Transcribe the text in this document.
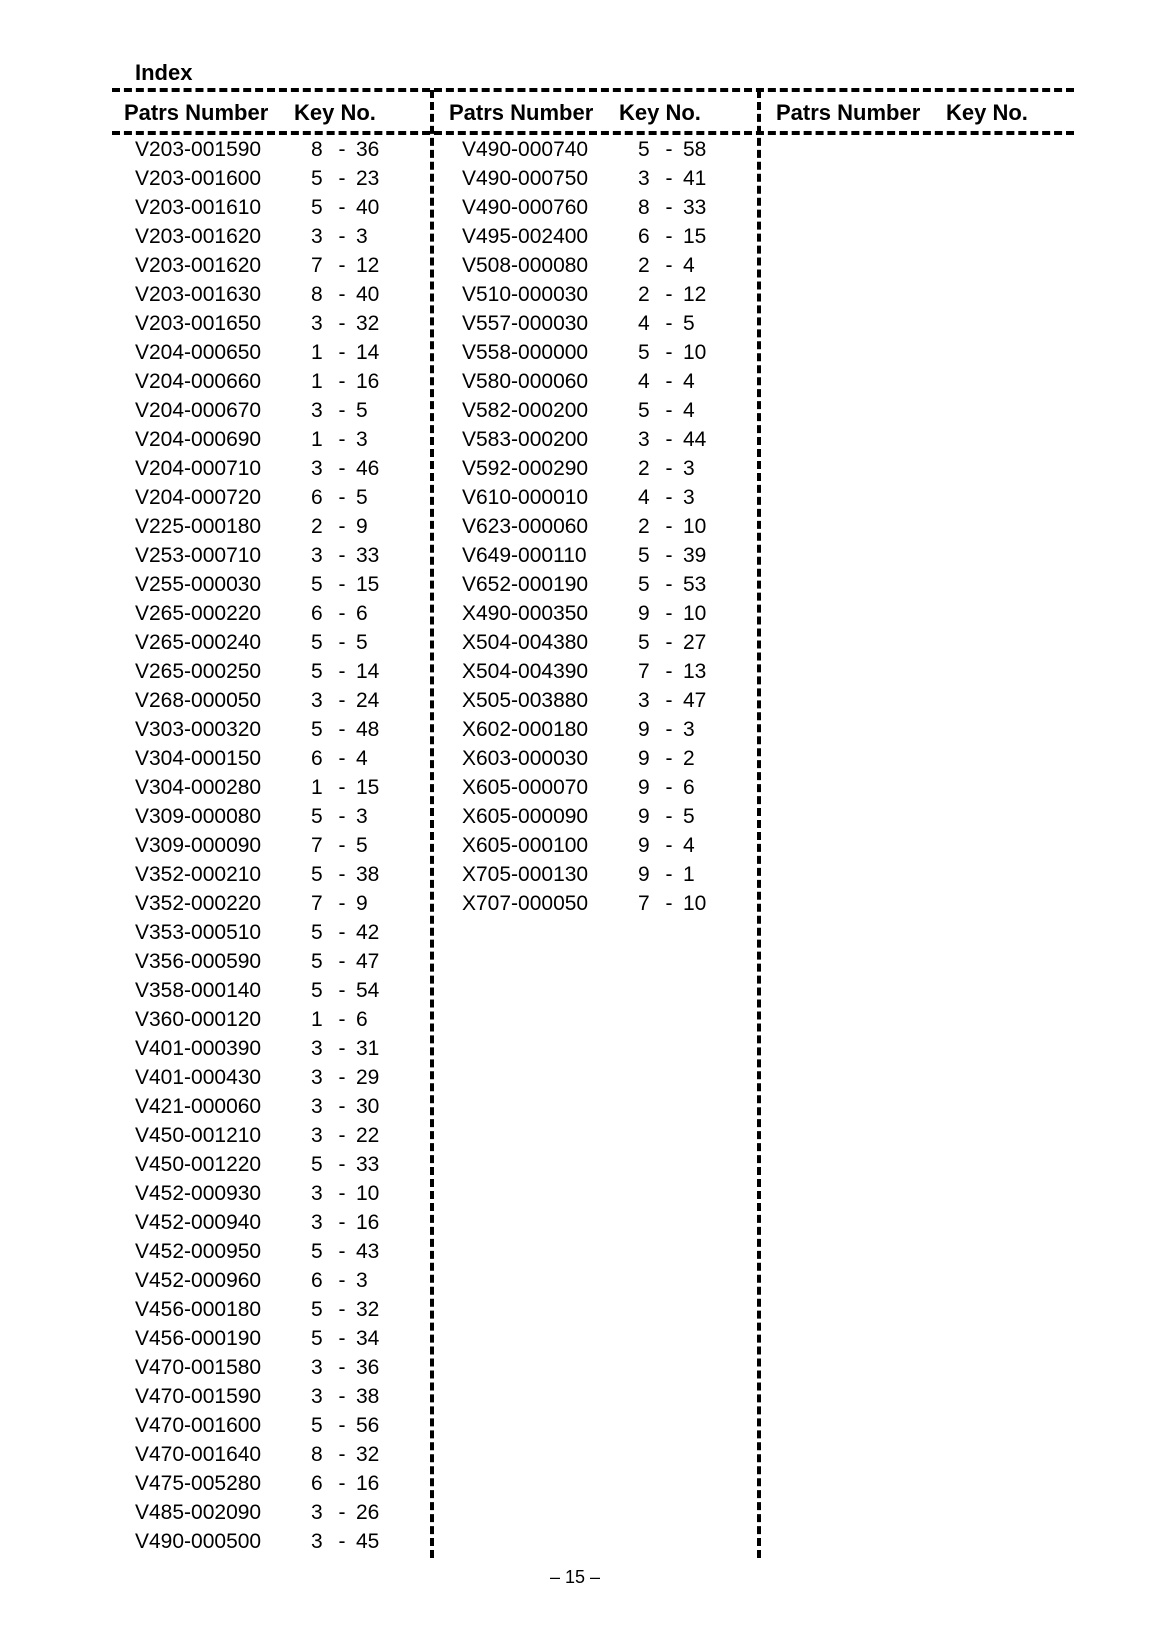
Index
Patrs Number Key No.	Patrs Number Key No.	Patrs Number Key No.
V203-001590 8 - 36
V203-001600 5 - 23
V203-001610 5 - 40
V203-001620 3 - 3
V203-001620 7 - 12
V203-001630 8 - 40
V203-001650 3 - 32
V204-000650 1 - 14
V204-000660 1 - 16
V204-000670 3 - 5
V204-000690 1 - 3
V204-000710 3 - 46
V204-000720 6 - 5
V225-000180 2 - 9
V253-000710 3 - 33
V255-000030 5 - 15
V265-000220 6 - 6
V265-000240 5 - 5
V265-000250 5 - 14
V268-000050 3 - 24
V303-000320 5 - 48
V304-000150 6 - 4
V304-000280 1 - 15
V309-000080 5 - 3
V309-000090 7 - 5
V352-000210 5 - 38
V352-000220 7 - 9
V353-000510 5 - 42
V356-000590 5 - 47
V358-000140 5 - 54
V360-000120 1 - 6
V401-000390 3 - 31
V401-000430 3 - 29
V421-000060 3 - 30
V450-001210 3 - 22
V450-001220 5 - 33
V452-000930 3 - 10
V452-000940 3 - 16
V452-000950 5 - 43
V452-000960 6 - 3
V456-000180 5 - 32
V456-000190 5 - 34
V470-001580 3 - 36
V470-001590 3 - 38
V470-001600 5 - 56
V470-001640 8 - 32
V475-005280 6 - 16
V485-002090 3 - 26
V490-000500 3 - 45
V490-000740 5 - 58
V490-000750 3 - 41
V490-000760 8 - 33
V495-002400 6 - 15
V508-000080 2 - 4
V510-000030 2 - 12
V557-000030 4 - 5
V558-000000 5 - 10
V580-000060 4 - 4
V582-000200 5 - 4
V583-000200 3 - 44
V592-000290 2 - 3
V610-000010 4 - 3
V623-000060 2 - 10
V649-000110 5 - 39
V652-000190 5 - 53
X490-000350 9 - 10
X504-004380 5 - 27
X504-004390 7 - 13
X505-003880 3 - 47
X602-000180 9 - 3
X603-000030 9 - 2
X605-000070 9 - 6
X605-000090 9 - 5
X605-000100 9 - 4
X705-000130 9 - 1
X707-000050 7 - 10
– 15 –
